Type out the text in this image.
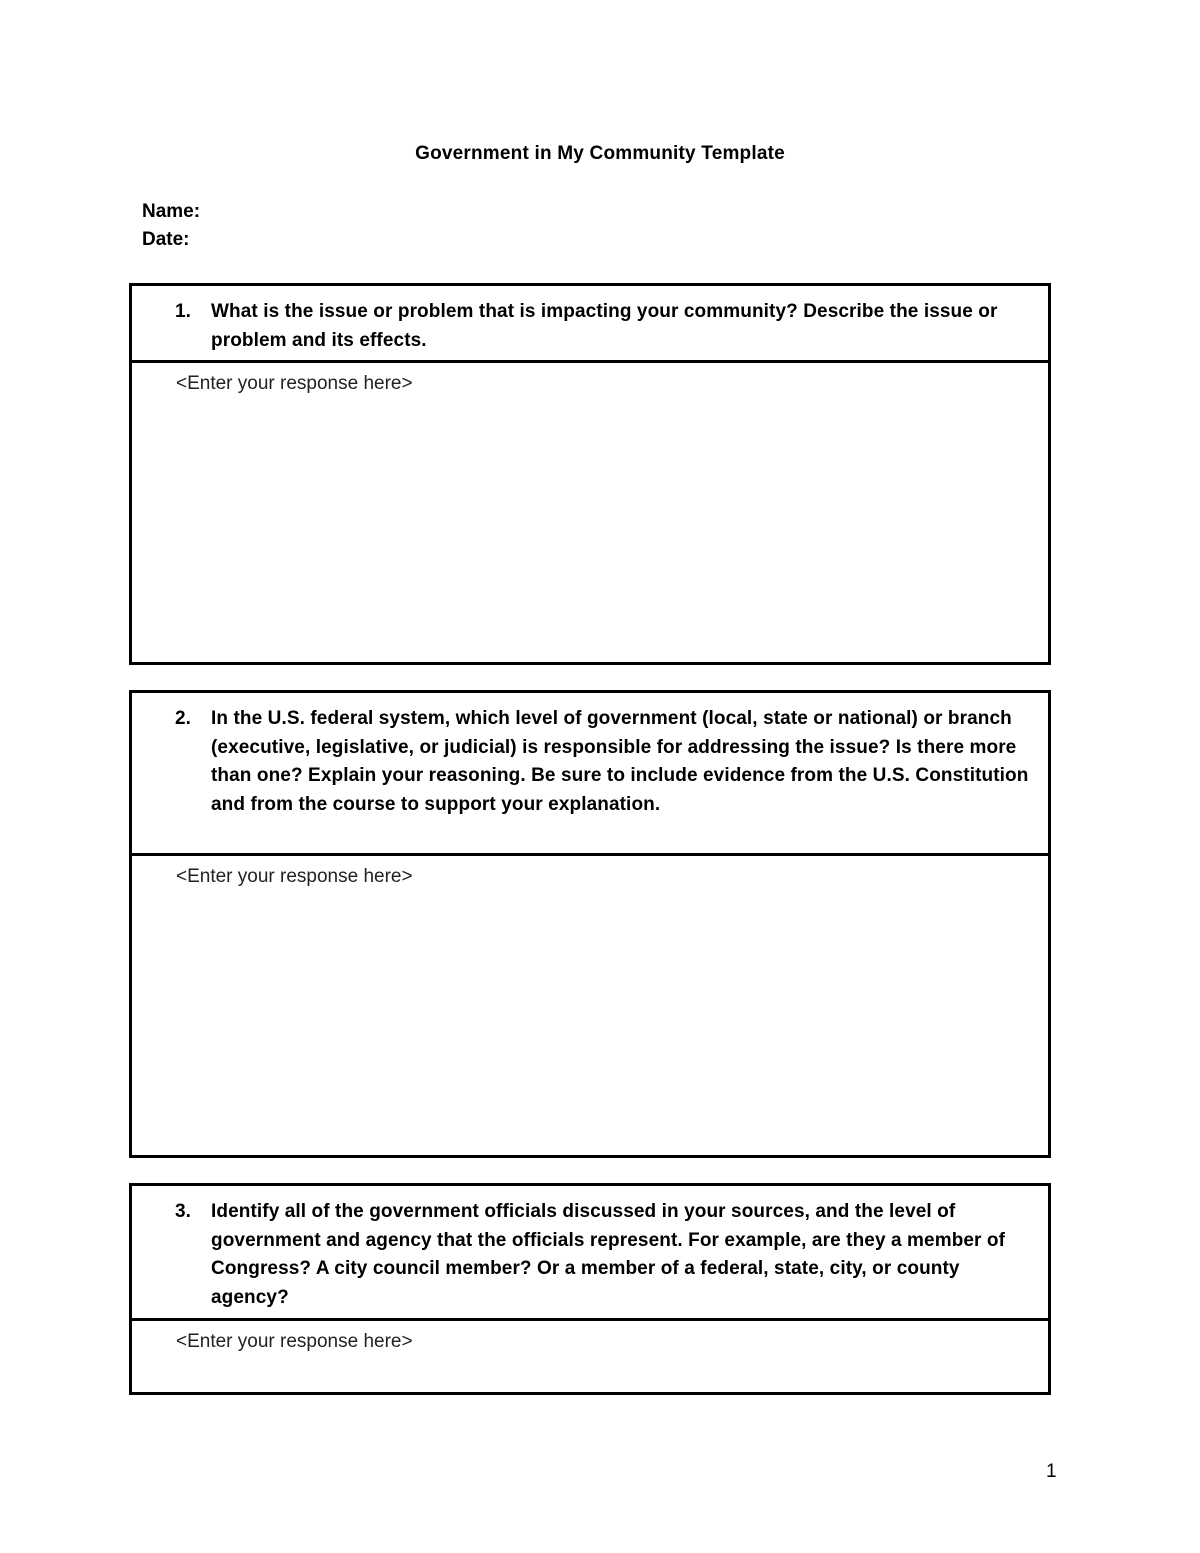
Government in My Community Template
Name:
Date:
1. What is the issue or problem that is impacting your community? Describe the issue or problem and its effects.
<Enter your response here>
2. In the U.S. federal system, which level of government (local, state or national) or branch (executive, legislative, or judicial) is responsible for addressing the issue? Is there more than one? Explain your reasoning. Be sure to include evidence from the U.S. Constitution and from the course to support your explanation.
<Enter your response here>
3. Identify all of the government officials discussed in your sources, and the level of government and agency that the officials represent. For example, are they a member of Congress? A city council member? Or a member of a federal, state, city, or county agency?
<Enter your response here>
1
